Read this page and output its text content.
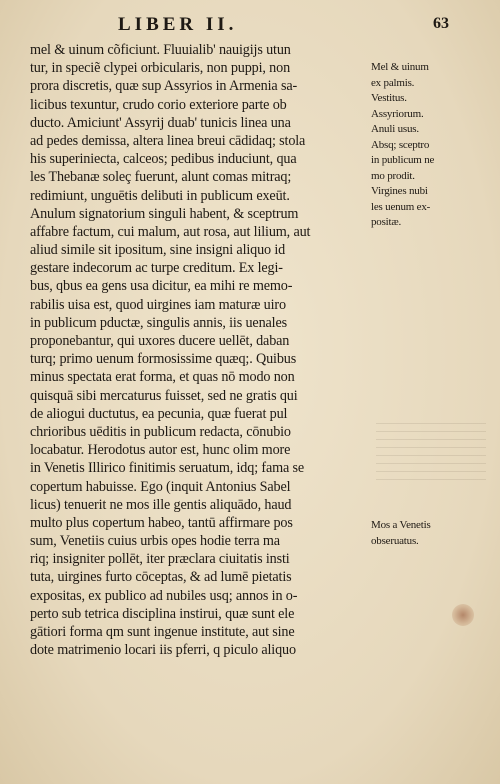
LIBER II.	63
mel & uinum cõficiunt. Fluuialib' nauigijs utun
tur, in speciẽ clypei orbicularis, non puppi, non
prora discretis, quæ sup Assyrios in Armenia sa-
licibus texuntur, crudo corio exteriore parte ob
ducto. Amiciunt' Assyrij duab' tunicis linea una
ad pedes demissa, altera linea breui cādidaq; stola
his superiniecta, calceos; pedibus induciunt, qua
les Thebanæ soleç fuerunt, alunt comas mitraq;
redimiunt, unguētis delibuti in publicum exeūt.
Anulum signatorium singuli habent, & sceptrum
affabre factum, cui malum, aut rosa, aut lilium, aut
aliud simile sit ipositum, sine insigni aliquo id
gestare indecorum ac turpe creditum. Ex legi-
bus, qbus ea gens usa dicitur, ea mihi re memo-
rabilis uisa est, quod uirgines iam maturæ uiro
in publicum pductæ, singulis annis, iis uenales
proponebantur, qui uxores ducere uellēt, daban
turq; primo uenum formosissime quæq;. Quibus
minus spectata erat forma, et quas nō modo non
quisquā sibi mercaturus fuisset, sed ne gratis qui
de aliogui ductutus, ea pecunia, quæ fuerat pul
chrioribus uēditis in publicum redacta, cōnubio
locabatur. Herodotus autor est, hunc olim more
in Venetis Illirico finitimis seruatum, idq; fama se
copertum habuisse. Ego (inquit Antonius Sabel
licus) tenuerit ne mos ille gentis aliquādo, haud
multo plus copertum habeo, tantū affirmare pos
sum, Venetiis cuius urbis opes hodie terra ma
riq; insigniter pollēt, iter præclara ciuitatis insti
tuta, uirgines furto cōceptas, & ad lumē pietatis
expositas, ex publico ad nubiles usq; annos in o-
perto sub tetrica disciplina instirui, quæ sunt ele
gātiori forma qm sunt ingenue institute, aut sine
dote matrimenio locari iis pferri, q piculo aliquo
Mel & uinum
ex palmis.
Vestitus.
Assyriorum.
Anuli usus.
Absq; sceptro
in publicum ne
mo prodit.
Virgines nubi
les uenum ex-
positæ.
Mos a Venetis
obseruatus.
